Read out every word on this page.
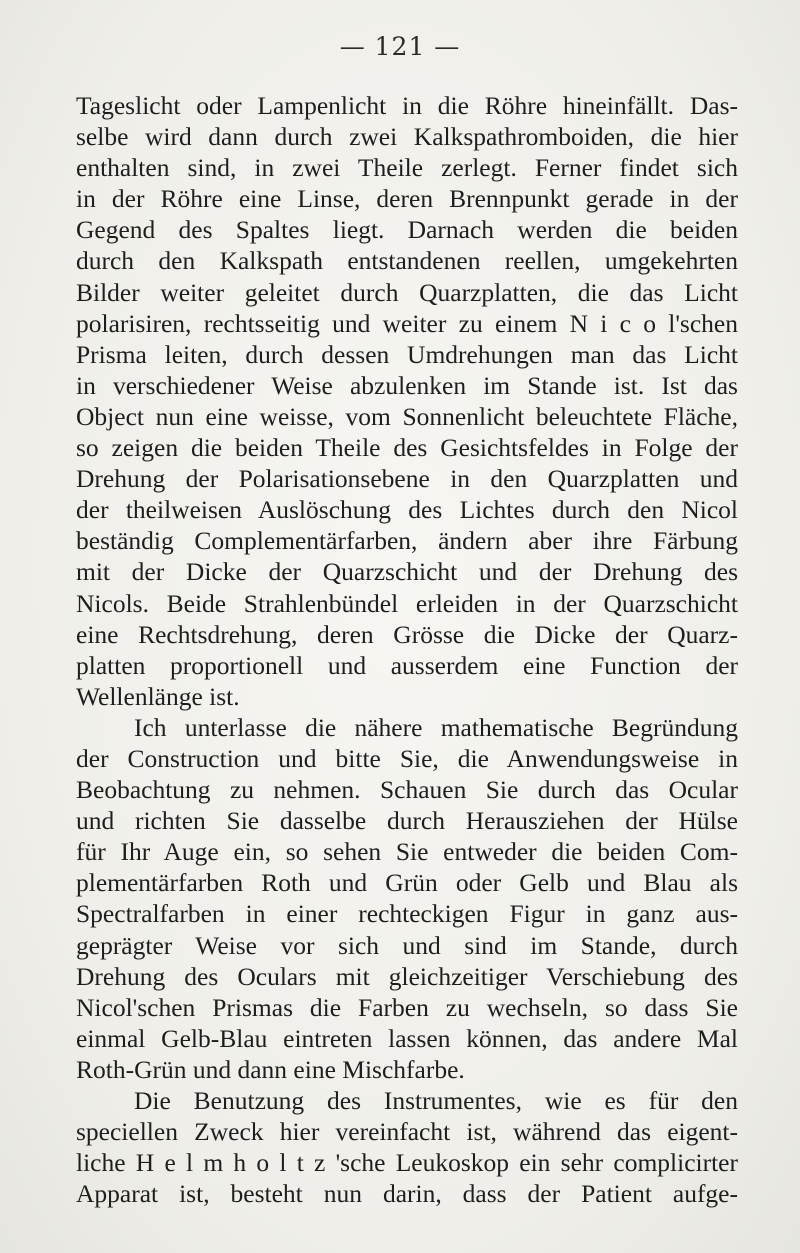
— 121 —
Tageslicht oder Lampenlicht in die Röhre hineinfällt. Das-
selbe wird dann durch zwei Kalkspathromboiden, die hier
enthalten sind, in zwei Theile zerlegt. Ferner findet sich
in der Röhre eine Linse, deren Brennpunkt gerade in der
Gegend des Spaltes liegt. Darnach werden die beiden
durch den Kalkspath entstandenen reellen, umgekehrten
Bilder weiter geleitet durch Quarzplatten, die das Licht
polarisiren, rechtsseitig und weiter zu einem N i c o l'schen
Prisma leiten, durch dessen Umdrehungen man das Licht
in verschiedener Weise abzulenken im Stande ist. Ist das
Object nun eine weisse, vom Sonnenlicht beleuchtete Fläche,
so zeigen die beiden Theile des Gesichtsfeldes in Folge der
Drehung der Polarisationsebene in den Quarzplatten und
der theilweisen Auslöschung des Lichtes durch den Nicol
beständig Complementärfarben, ändern aber ihre Färbung
mit der Dicke der Quarzschicht und der Drehung des
Nicols. Beide Strahlenbündel erleiden in der Quarzschicht
eine Rechtsdrehung, deren Grösse die Dicke der Quarz-
platten proportionell und ausserdem eine Function der
Wellenlänge ist.
Ich unterlasse die nähere mathematische Begründung
der Construction und bitte Sie, die Anwendungsweise in
Beobachtung zu nehmen. Schauen Sie durch das Ocular
und richten Sie dasselbe durch Herausziehen der Hülse
für Ihr Auge ein, so sehen Sie entweder die beiden Com-
plementärfarben Roth und Grün oder Gelb und Blau als
Spectralfarben in einer rechteckigen Figur in ganz aus-
geprägter Weise vor sich und sind im Stande, durch
Drehung des Oculars mit gleichzeitiger Verschiebung des
Nicol'schen Prismas die Farben zu wechseln, so dass Sie
einmal Gelb-Blau eintreten lassen können, das andere Mal
Roth-Grün und dann eine Mischfarbe.
Die Benutzung des Instrumentes, wie es für den
speciellen Zweck hier vereinfacht ist, während das eigent-
liche H e l m h o l t z 'sche Leukoskop ein sehr complicirter
Apparat ist, besteht nun darin, dass der Patient aufge-
